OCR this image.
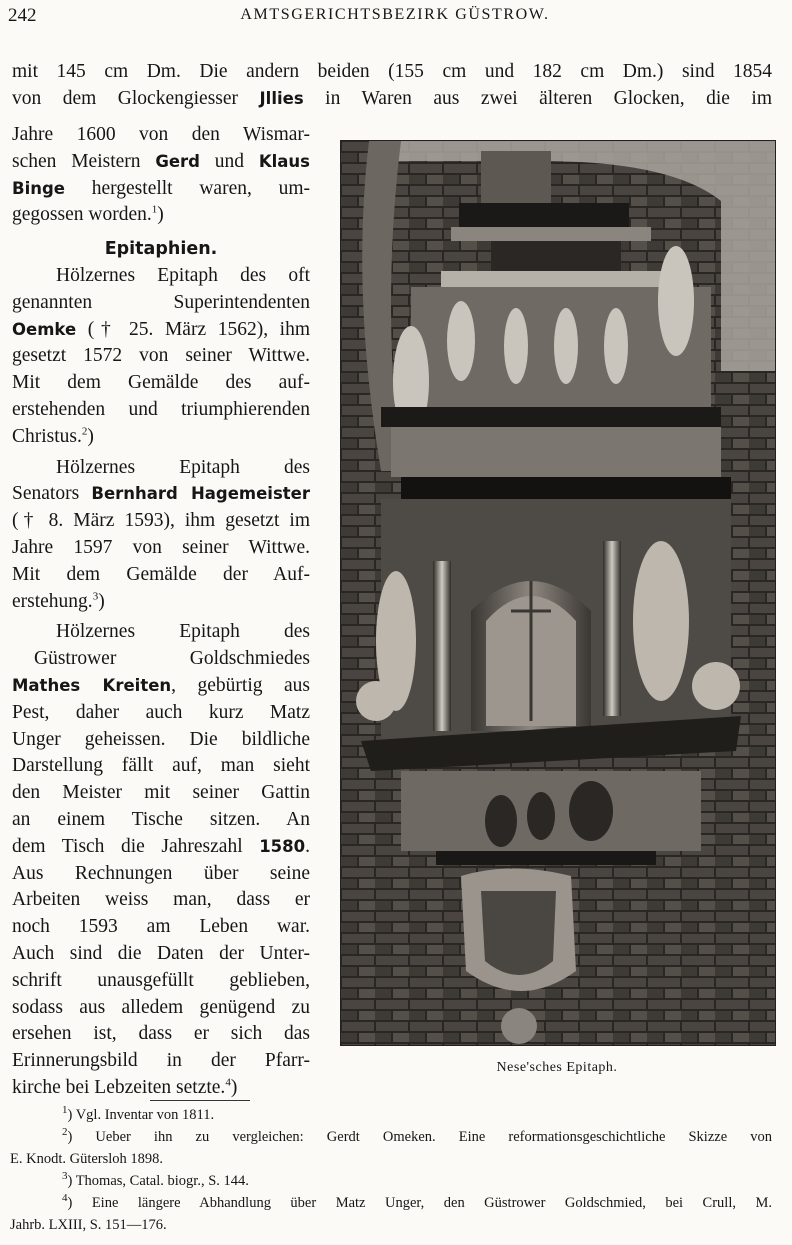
242	AMTSGERICHTSBEZIRK GÜSTROW.
mit 145 cm Dm. Die andern beiden (155 cm und 182 cm Dm.) sind 1854
von dem Glockengiesser Jllies in Waren aus zwei älteren Glocken, die im
Jahre 1600 von den Wismar-
schen Meistern Gerd und Klaus
Binge hergestellt waren, um-
gegossen worden.$^1$)
Epitaphien.
Hölzernes Epitaph des oft
genannten Superintendenten
Oemke († 25. März 1562), ihm
gesetzt 1572 von seiner Wittwe.
Mit dem Gemälde des auf-
erstehenden und triumphierenden
Christus.$^2$)
Hölzernes Epitaph des
Senators Bernhard Hagemeister
(† 8. März 1593), ihm gesetzt im
Jahre 1597 von seiner Wittwe.
Mit dem Gemälde der Auf-
erstehung.$^3$)
Hölzernes Epitaph des
Güstrower Goldschmiedes
Mathes Kreiten, gebürtig aus
Pest, daher auch kurz Matz
Unger geheissen. Die bildliche
Darstellung fällt auf, man sieht
den Meister mit seiner Gattin
an einem Tische sitzen. An
dem Tisch die Jahreszahl 1580.
Aus Rechnungen über seine
Arbeiten weiss man, dass er
noch 1593 am Leben war.
Auch sind die Daten der Unter-
schrift unausgefüllt geblieben,
sodass aus alledem genügend zu
ersehen ist, dass er sich das
Erinnerungsbild in der Pfarr-
kirche bei Lebzeiten setzte.$^4$)
Nese'sches Epitaph.
$^1$) Vgl. Inventar von 1811.
$^2$) Ueber ihn zu vergleichen: Gerdt Omeken. Eine reformationsgeschichtliche Skizze von
E. Knodt. Gütersloh 1898.
$^3$) Thomas, Catal. biogr., S. 144.
$^4$) Eine längere Abhandlung über Matz Unger, den Güstrower Goldschmied, bei Crull, M.
Jahrb. LXIII, S. 151—176.
